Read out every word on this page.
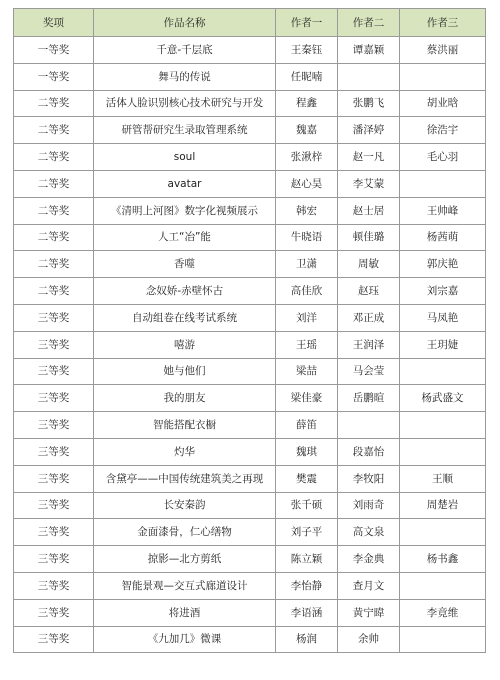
奖项	作品名称	作者一	作者二	作者三
一等奖	千意-千层底	王秦钰	谭嘉颖	蔡洪丽
一等奖	舞马的传说	任昵喃		
二等奖	活体人脸识别核心技术研究与开发	程鑫	张鹏飞	胡业晗
二等奖	研管帮研究生录取管理系统	魏嘉	潘泽婷	徐浩宇
二等奖	soul	张湫梓	赵一凡	毛心羽
二等奖	avatar	赵心昊	李艾蒙	
二等奖	《清明上河图》数字化视频展示	韩宏	赵士居	王帅峰
二等奖	人工“冶”能	牛晓语	顿佳璐	杨茜萌
二等奖	香噬	卫潇	周敏	郭庆艳
二等奖	念奴娇-赤壁怀古	高佳欣	赵珏	刘宗嘉
三等奖	自动组卷在线考试系统	刘洋	邓正成	马凤艳
三等奖	嘻游	王瑶	王润泽	王玥婕
三等奖	她与他们	梁喆	马会莹	
三等奖	我的朋友	梁佳豪	岳鹏暄	杨武盛文
三等奖	智能搭配衣橱	薛笛		
三等奖	灼华	魏琪	段嘉怡	
三等奖	含黛亭——中国传统建筑美之再现	樊震	李牧阳	王顺
三等奖	长安秦韵	张千硕	刘雨奇	周楚岩
三等奖	金面漆骨，仁心缮物	刘子平	高文泉	
三等奖	掠影—北方剪纸	陈立颖	李金典	杨书鑫
三等奖	智能景观—交互式廊道设计	李怡静	查月文	
三等奖	将进酒	李语涵	黄宁暐	李竟维
三等奖	《九加几》微课	杨润	余帅	
